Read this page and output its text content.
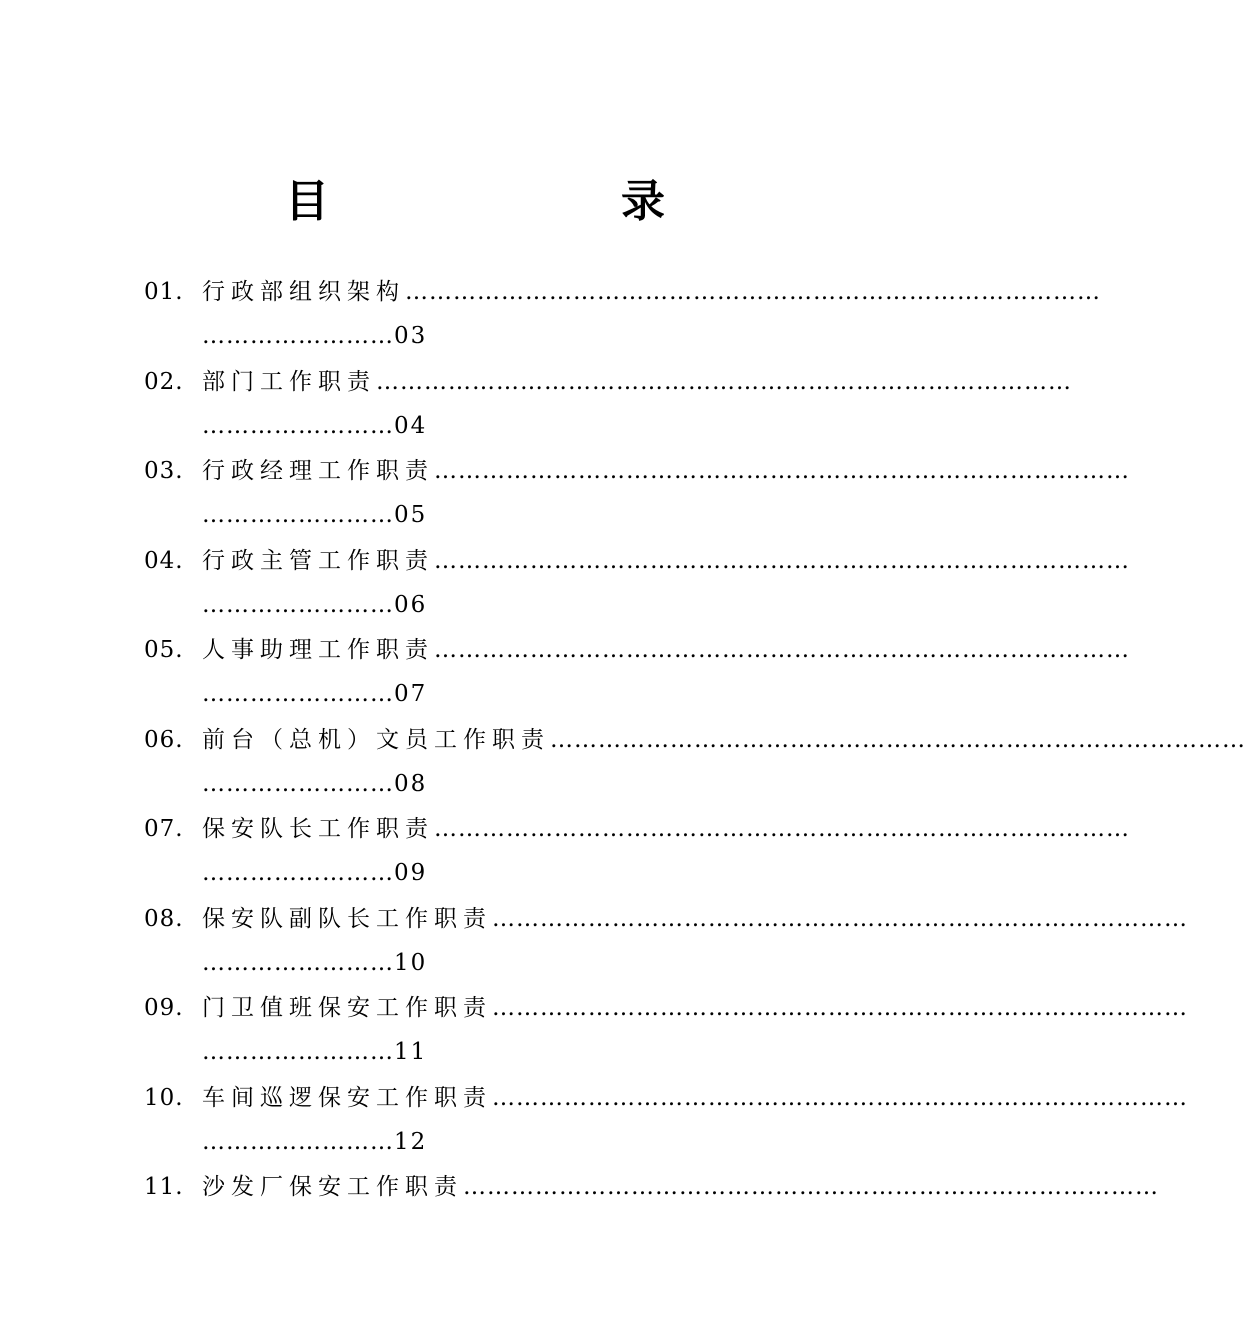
目　　录
01. 行政部组织架构 ……………………………………………………………………………
……………………03
02. 部门工作职责 ……………………………………………………………………………
……………………04
03. 行政经理工作职责 ……………………………………………………………………………
……………………05
04. 行政主管工作职责 ……………………………………………………………………………
……………………06
05. 人事助理工作职责 ……………………………………………………………………………
……………………07
06. 前台（总机）文员工作职责 ……………………………………………………………………………
……………………08
07. 保安队长工作职责 ……………………………………………………………………………
……………………09
08. 保安队副队长工作职责 ……………………………………………………………………………
……………………10
09. 门卫值班保安工作职责 ……………………………………………………………………………
……………………11
10. 车间巡逻保安工作职责 ……………………………………………………………………………
……………………12
11. 沙发厂保安工作职责 ……………………………………………………………………………
